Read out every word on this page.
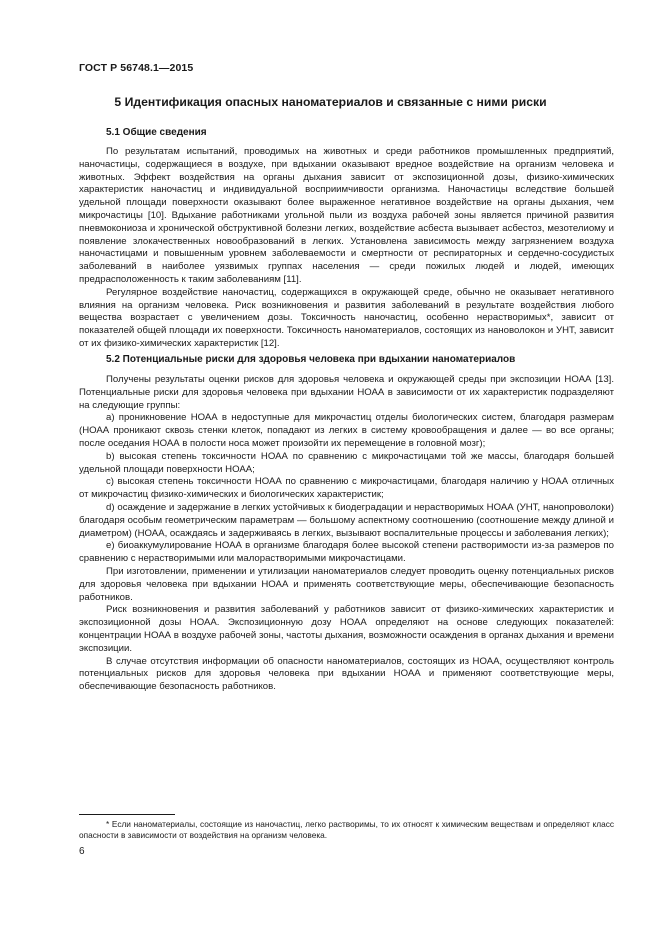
ГОСТ Р 56748.1—2015
5 Идентификация опасных наноматериалов и связанные с ними риски
5.1 Общие сведения

По результатам испытаний, проводимых на животных и среди работников промышленных предприятий, наночастицы, содержащиеся в воздухе, при вдыхании оказывают вредное воздействие на организм человека и животных. Эффект воздействия на органы дыхания зависит от экспозиционной дозы, физико-химических характеристик наночастиц и индивидуальной восприимчивости организма. Наночастицы вследствие большей удельной площади поверхности оказывают более выраженное негативное воздействие на органы дыхания, чем микрочастицы [10]. Вдыхание работниками угольной пыли из воздуха рабочей зоны является причиной развития пневмокониоза и хронической обструктивной болезни легких, воздействие асбеста вызывает асбестоз, мезотелиому и появление злокачественных новообразований в легких. Установлена зависимость между загрязнением воздуха наночастицами и повышенным уровнем заболеваемости и смертности от респираторных и сердечно-сосудистых заболеваний в наиболее уязвимых группах населения — среди пожилых людей и людей, имеющих предрасположенность к таким заболеваниям [11].

Регулярное воздействие наночастиц, содержащихся в окружающей среде, обычно не оказывает негативного влияния на организм человека. Риск возникновения и развития заболеваний в результате воздействия любого вещества возрастает с увеличением дозы. Токсичность наночастиц, особенно нерастворимых*, зависит от показателей общей площади их поверхности. Токсичность наноматериалов, состоящих из нановолокон и УНТ, зависит от их физико-химических характеристик [12].

5.2 Потенциальные риски для здоровья человека при вдыхании наноматериалов

Получены результаты оценки рисков для здоровья человека и окружающей среды при экспозиции НОАА [13]. Потенциальные риски для здоровья человека при вдыхании НОАА в зависимости от их характеристик подразделяют на следующие группы:

a) проникновение НОАА в недоступные для микрочастиц отделы биологических систем, благодаря размерам (НОАА проникают сквозь стенки клеток, попадают из легких в систему кровообращения и далее — во все органы; после оседания НОАА в полости носа может произойти их перемещение в головной мозг);

b) высокая степень токсичности НОАА по сравнению с микрочастицами той же массы, благодаря большей удельной площади поверхности НОАА;

c) высокая степень токсичности НОАА по сравнению с микрочастицами, благодаря наличию у НОАА отличных от микрочастиц физико-химических и биологических характеристик;

d) осаждение и задержание в легких устойчивых к биодеградации и нерастворимых НОАА (УНТ, нанопроволоки) благодаря особым геометрическим параметрам — большому аспектному соотношению (соотношение между длиной и диаметром) (НОАА, осаждаясь и задерживаясь в легких, вызывают воспалительные процессы и заболевания легких);

e) биоаккумулирование НОАА в организме благодаря более высокой степени растворимости из-за размеров по сравнению с нерастворимыми или малорастворимыми микрочастицами.

При изготовлении, применении и утилизации наноматериалов следует проводить оценку потенциальных рисков для здоровья человека при вдыхании НОАА и применять соответствующие меры, обеспечивающие безопасность работников.

Риск возникновения и развития заболеваний у работников зависит от физико-химических характеристик и экспозиционной дозы НОАА. Экспозиционную дозу НОАА определяют на основе следующих показателей: концентрации НОАА в воздухе рабочей зоны, частоты дыхания, возможности осаждения в органах дыхания и времени экспозиции.

В случае отсутствия информации об опасности наноматериалов, состоящих из НОАА, осуществляют контроль потенциальных рисков для здоровья человека при вдыхании НОАА и применяют соответствующие меры, обеспечивающие безопасность работников.

* Если наноматериалы, состоящие из наночастиц, легко растворимы, то их относят к химическим веществам и определяют класс опасности в зависимости от воздействия на организм человека.

6
